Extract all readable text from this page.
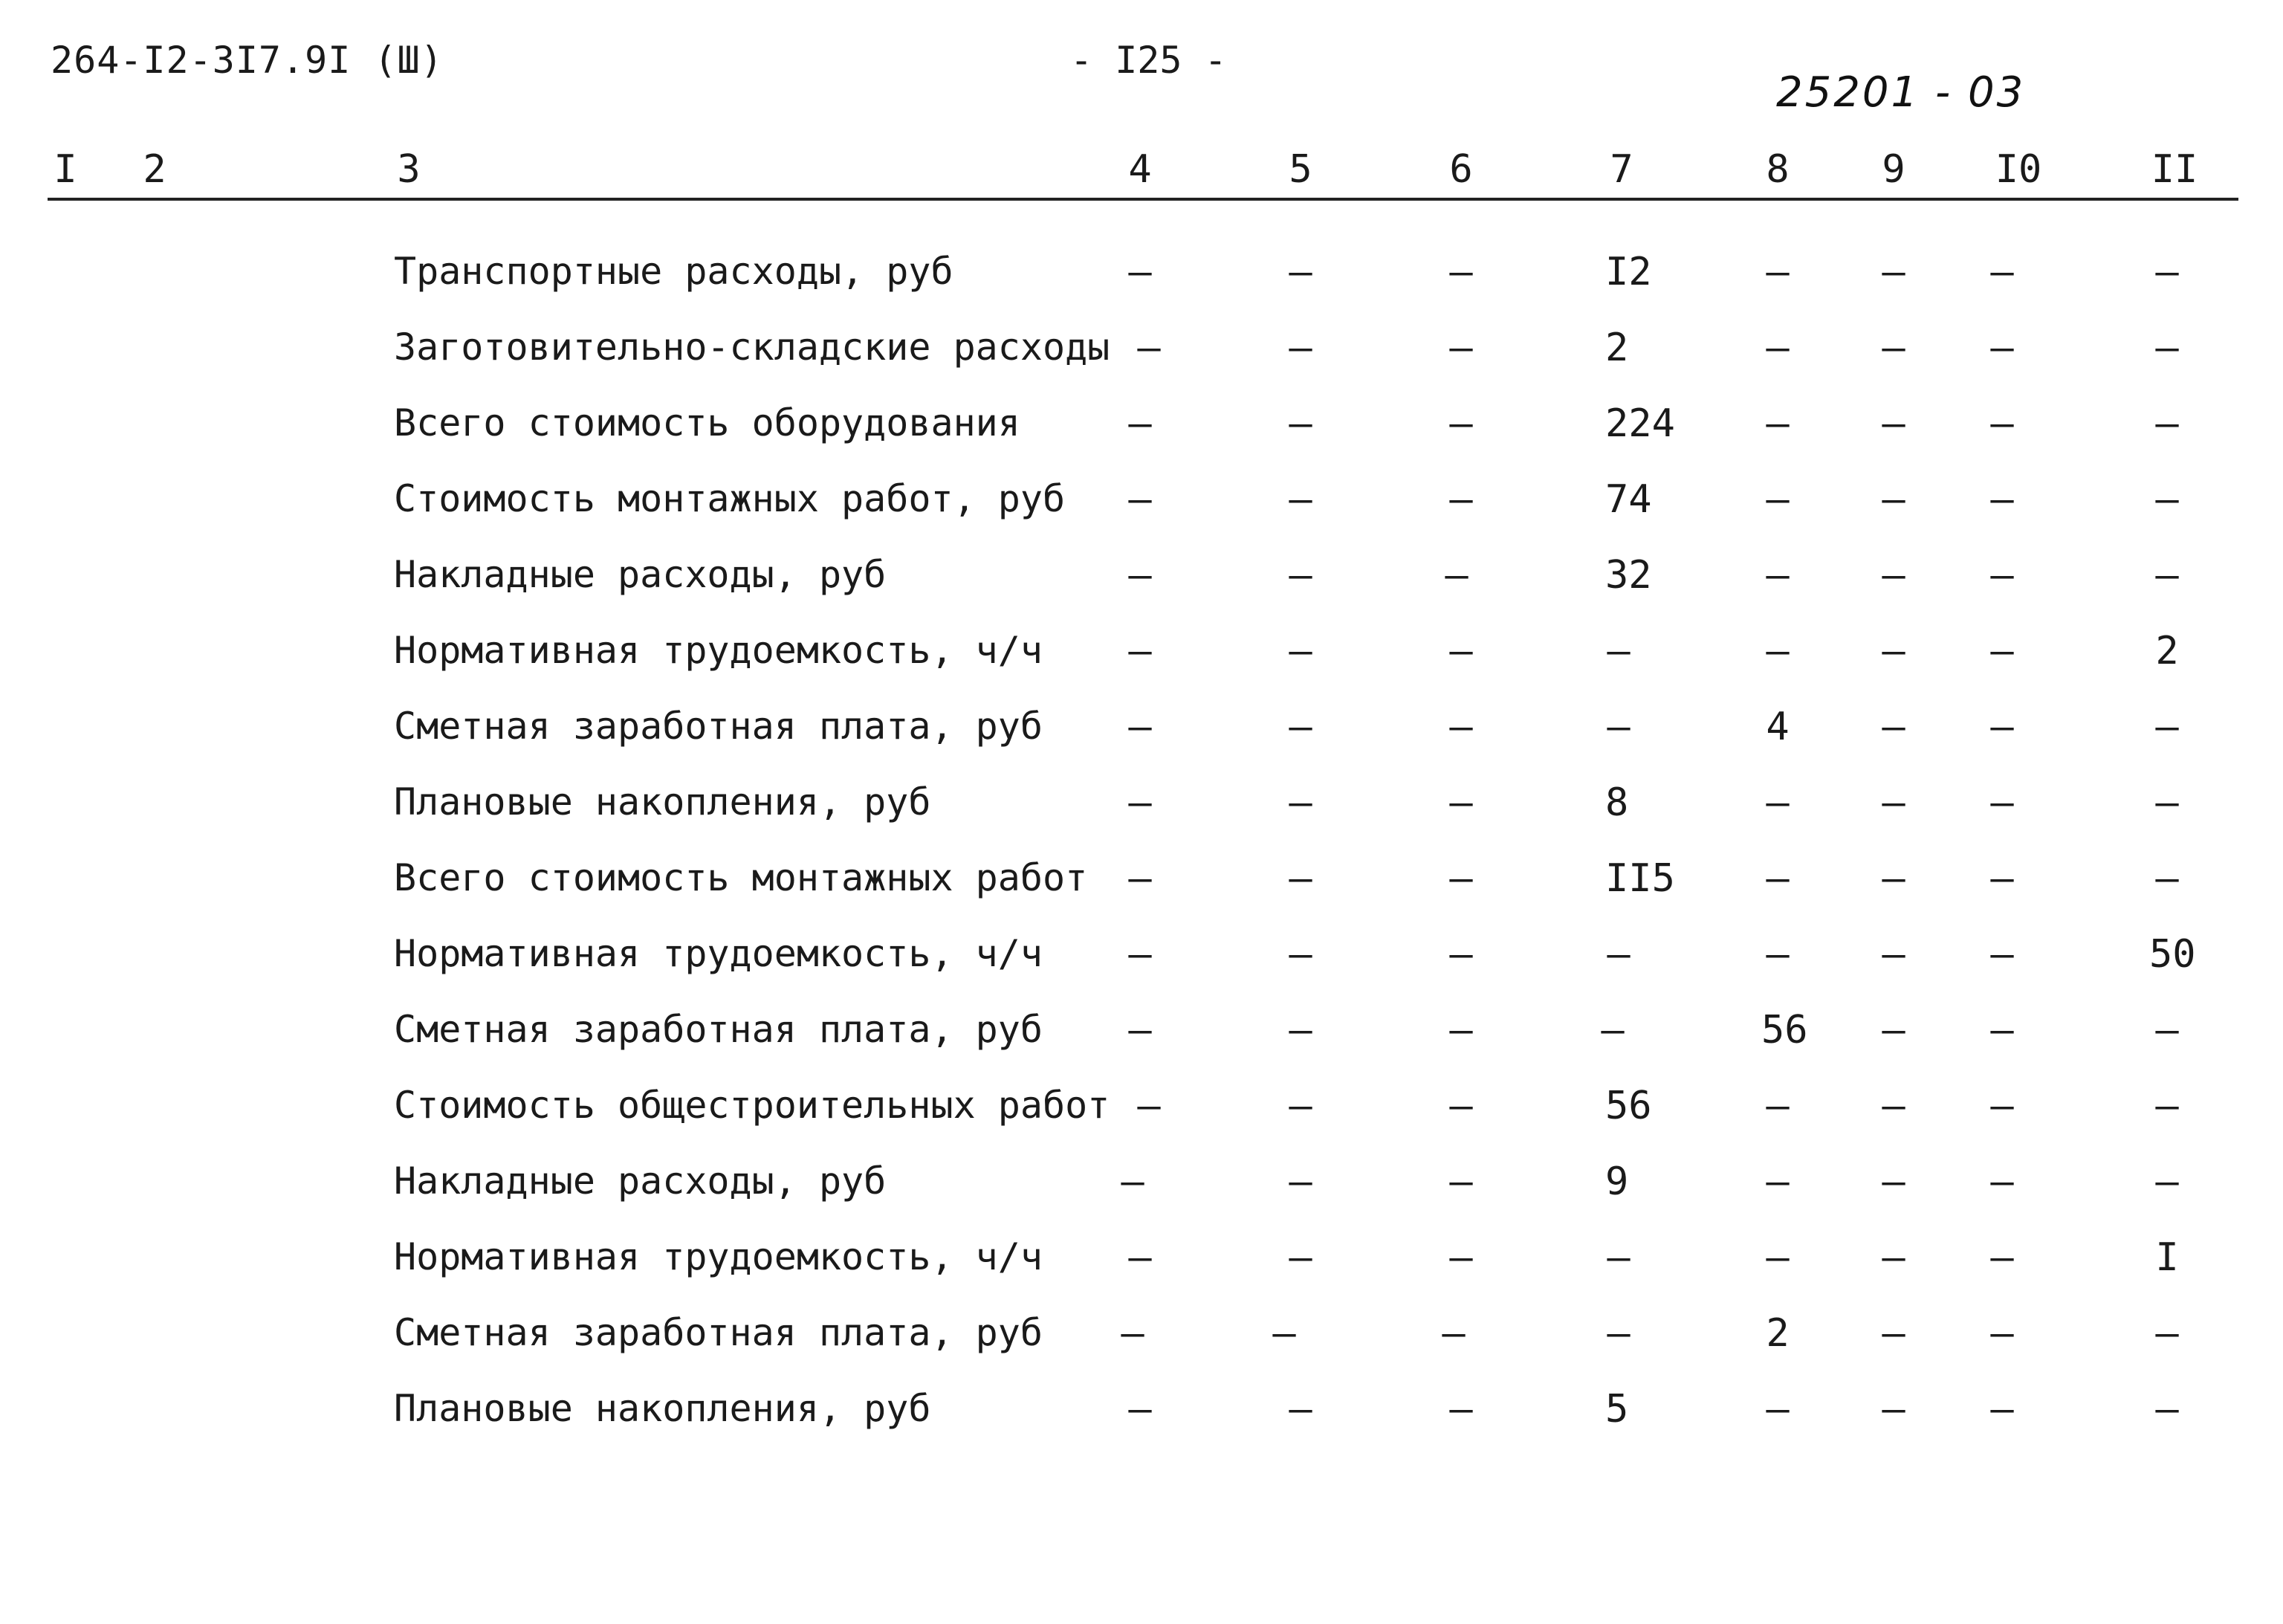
264-I2-3I7.9I (Ш)	- I25 -
25201 - 03
I	2	3	4	5	6	7	8	9	I0	II
Транспортные расходы, руб	–	–	–	I2	–	–	–	–
Заготовительно-складские расходы –	–	–	2	–	–	–	–
Всего стоимость оборудования	–	–	–	224	–	–	–	–
Стоимость монтажных работ, руб	–	–	–	74	–	–	–	–
Накладные расходы, руб	–	–	–	32	–	–	–	–
Нормативная трудоемкость, ч/ч	–	–	–	–	–	–	–	2
Сметная заработная плата, руб	–	–	–	–	4	–	–	–
Плановые накопления, руб	–	–	–	8	–	–	–	–
Всего стоимость монтажных работ	–	–	–	II5	–	–	–	–
Нормативная трудоемкость, ч/ч	–	–	–	–	–	–	–	50
Сметная заработная плата, руб	–	–	–	–	56	–	–	–
Стоимость общестроительных работ –	–	–	56	–	–	–	–
Накладные расходы, руб	–	–	–	9	–	–	–	–
Нормативная трудоемкость, ч/ч	–	–	–	–	–	–	–	I
Сметная заработная плата, руб	–	–	–	–	2	–	–	–
Плановые накопления, руб	–	–	–	5	–	–	–	–
